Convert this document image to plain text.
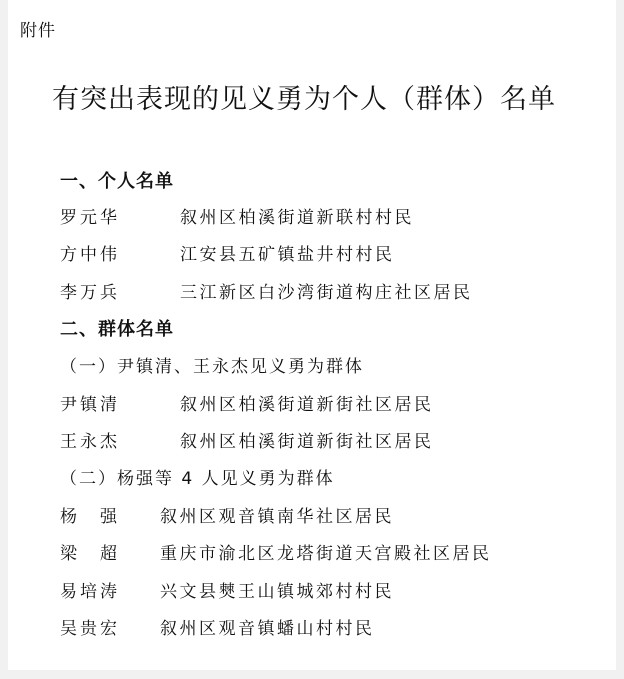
附件
有突出表现的见义勇为个人（群体）名单
一、个人名单
罗元华	叙州区柏溪街道新联村村民
方中伟	江安县五矿镇盐井村村民
李万兵	三江新区白沙湾街道构庄社区居民
二、群体名单
（一）尹镇清、王永杰见义勇为群体
尹镇清	叙州区柏溪街道新街社区居民
王永杰	叙州区柏溪街道新街社区居民
（二）杨强等 4 人见义勇为群体
杨　强 叙州区观音镇南华社区居民
梁　超 重庆市渝北区龙塔街道天宫殿社区居民
易培涛 兴文县僰王山镇城郊村村民
吴贵宏 叙州区观音镇蟠山村村民
